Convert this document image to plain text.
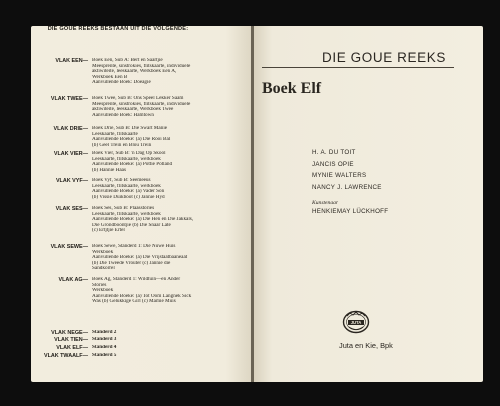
DIE GOUE REEKS BESTAAN UIT DIE VOLGENDE:
VLAK EEN— Boek Een, Sub A: Bert en Saartjie
Meesprente, sinstrokies, flitskaarte, individuele
aktiwiteite, leeskaarte, Werkboek Een A,
Werkboek Een B
Aanvullende Boek: Doeagie
VLAK TWEE— Boek Twee, Sub B: Ons Speel Lekker Saam
Meesprente, sinstrokies, flitskaarte, individuele
aktiwiteite, leeskaarte, Werkboek Twee
Aanvullende Boek: Hamtown
VLAK DRIE— Boek Drie, Sub B: Die Swart Manie
Leeskaarte, flitskaarte
Aanvullende Boeke: (a) Die Rooi Bal
(b) Geel Trein en Blou Trein
VLAK VIER— Boek Vier, Sub B: 'n Dag Op Skool
Leeskaarte, flitskaarte, werkboek
Aanvullende Boeke: (a) Pottie Potland
(b) Hannie Haas
VLAK VYF— Boek Vyf, Sub B: Seemeeus
Leeskaarte, flitskaarte, werkboek
Aanvullende Boeke: (a) Vader Son
(b) Vissie Duikboot (c) Jannie Hyd
VLAK SES— Boek Ses, Sub B: Plaasstories
Leeskaarte, flitskaarte, werkboek
Aanvullende Boeke: (a) Die Hen en Die Jakkals,
Die Grondboontjie (b) Die Snaar Late
(c) Ertjtjie Ertel
VLAK SEWE— Boek Sewe, Standerd 1: Die Nuwe Huis
Werkboek
Aanvullende Boeke: (a) Die Vrijstaatbaaneaat
(b) Die Tweede Vrouter (c) Jannie die
Sandkorrel
VLAK AG— Boek Ag, Standerd 1: Wildtuin—en Ander
Stories
Werkboek
Aanvullende Boeke: (a) Tot Oom Langnek Sick
Was (b) Gelukkige Girl (c) Mamie Muis
VLAK NEGE— Standerd 2
VLAK TIEN— Standerd 3
VLAK ELF— Standerd 4
VLAK TWAALF— Standerd 5
DIE GOUE REEKS
Boek Elf
H. A. DU TOIT
JANCIS OPIE
MYNIE WALTERS
NANCY J. LAWRENCE
Kunstenaar
HENKIEMAY LÜCKHOFF
JUTA
Juta en Kie, Bpk
